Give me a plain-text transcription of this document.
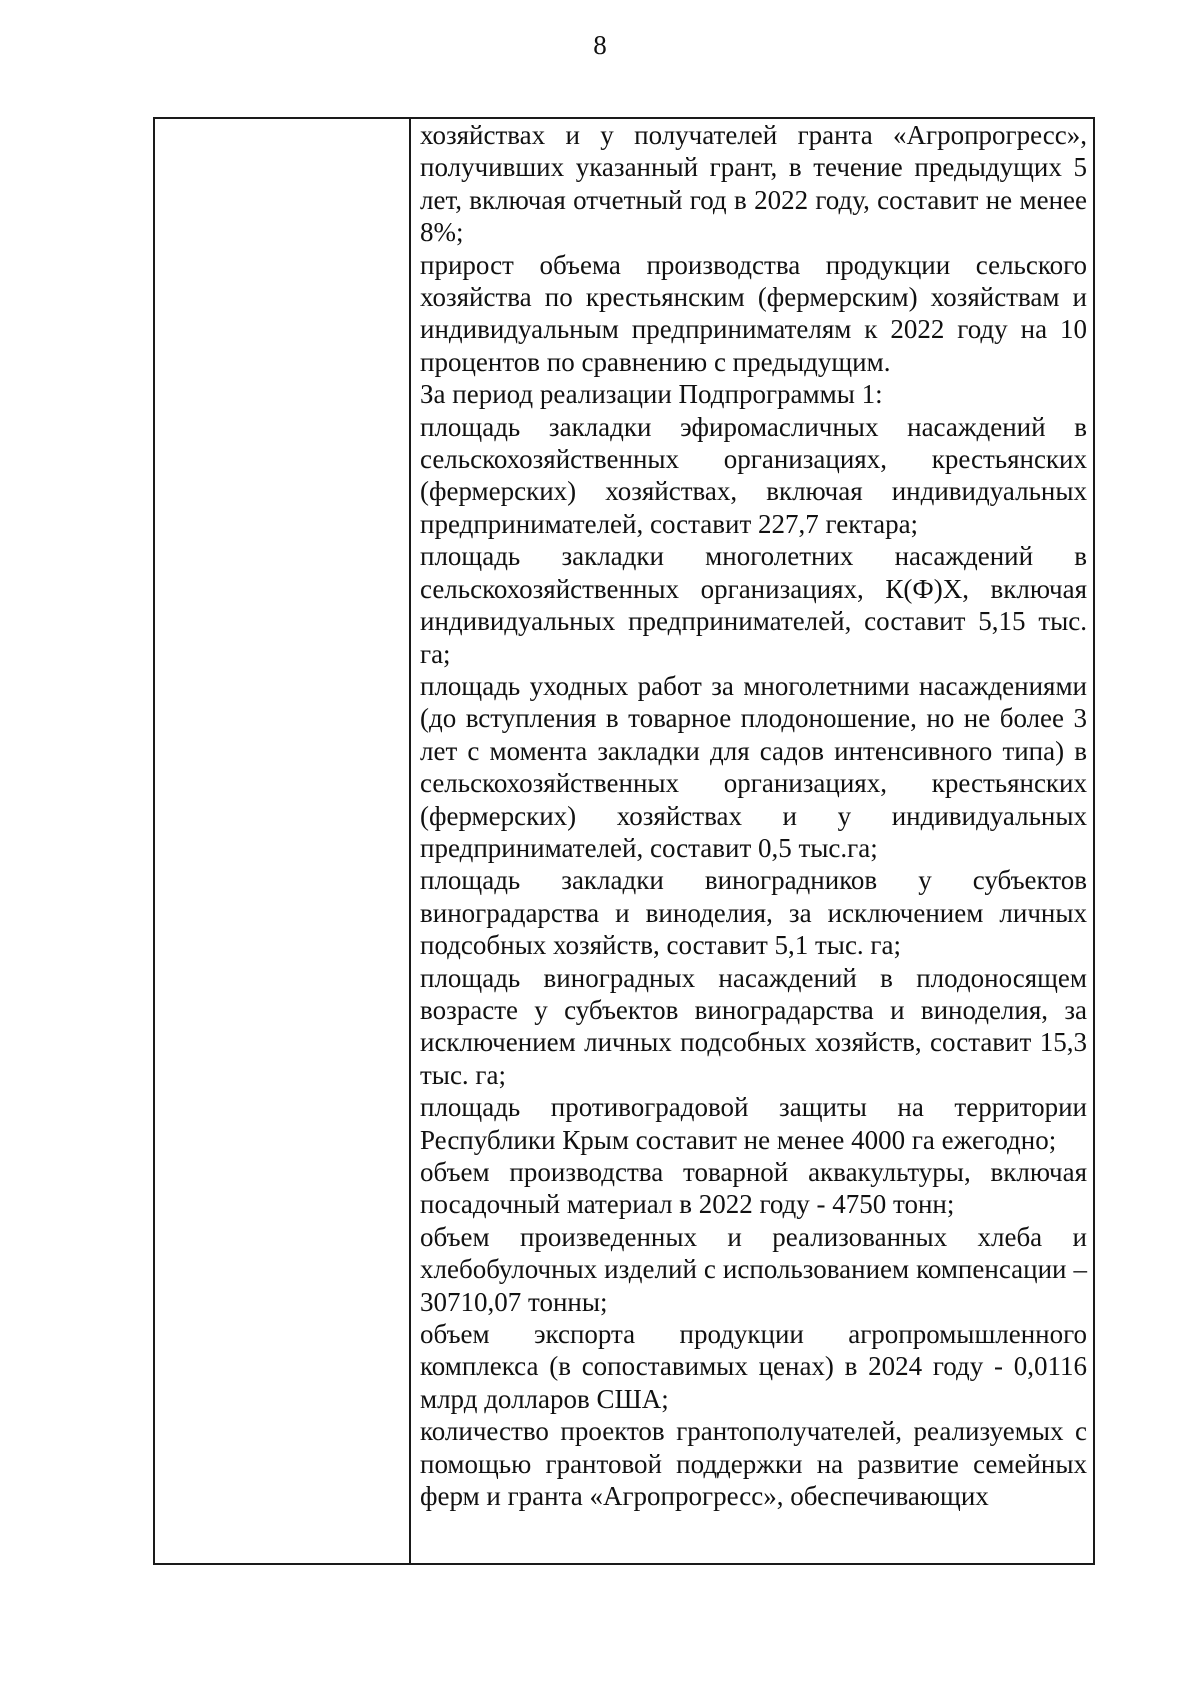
8

хозяйствах и у получателей гранта «Агропрогресс», получивших указанный грант, в течение предыдущих 5 лет, включая отчетный год в 2022 году, составит не менее 8%;

прирост объема производства продукции сельского хозяйства по крестьянским (фермерским) хозяйствам и индивидуальным предпринимателям к 2022 году на 10 процентов по сравнению с предыдущим.

За период реализации Подпрограммы 1:

площадь закладки эфиромасличных насаждений в сельскохозяйственных организациях, крестьянских (фермерских) хозяйствах, включая индивидуальных предпринимателей, составит 227,7 гектара;

площадь закладки многолетних насаждений в сельскохозяйственных организациях, К(Ф)Х, включая индивидуальных предпринимателей, составит 5,15 тыс. га;

площадь уходных работ за многолетними насаждениями (до вступления в товарное плодоношение, но не более 3 лет с момента закладки для садов интенсивного типа) в сельскохозяйственных организациях, крестьянских (фермерских) хозяйствах и у индивидуальных предпринимателей, составит 0,5 тыс.га;

площадь закладки виноградников у субъектов виноградарства и виноделия, за исключением личных подсобных хозяйств, составит 5,1 тыс. га;

площадь виноградных насаждений в плодоносящем возрасте у субъектов виноградарства и виноделия, за исключением личных подсобных хозяйств, составит 15,3 тыс. га;

площадь противоградовой защиты на территории Республики Крым составит не менее 4000 га ежегодно;

объем производства товарной аквакультуры, включая посадочный материал в 2022 году - 4750 тонн;

объем произведенных и реализованных хлеба и хлебобулочных изделий с использованием компенсации – 30710,07 тонны;

объем экспорта продукции агропромышленного комплекса (в сопоставимых ценах) в 2024 году - 0,0116 млрд долларов США;

количество проектов грантополучателей, реализуемых с помощью грантовой поддержки на развитие семейных ферм и гранта «Агропрогресс», обеспечивающих
